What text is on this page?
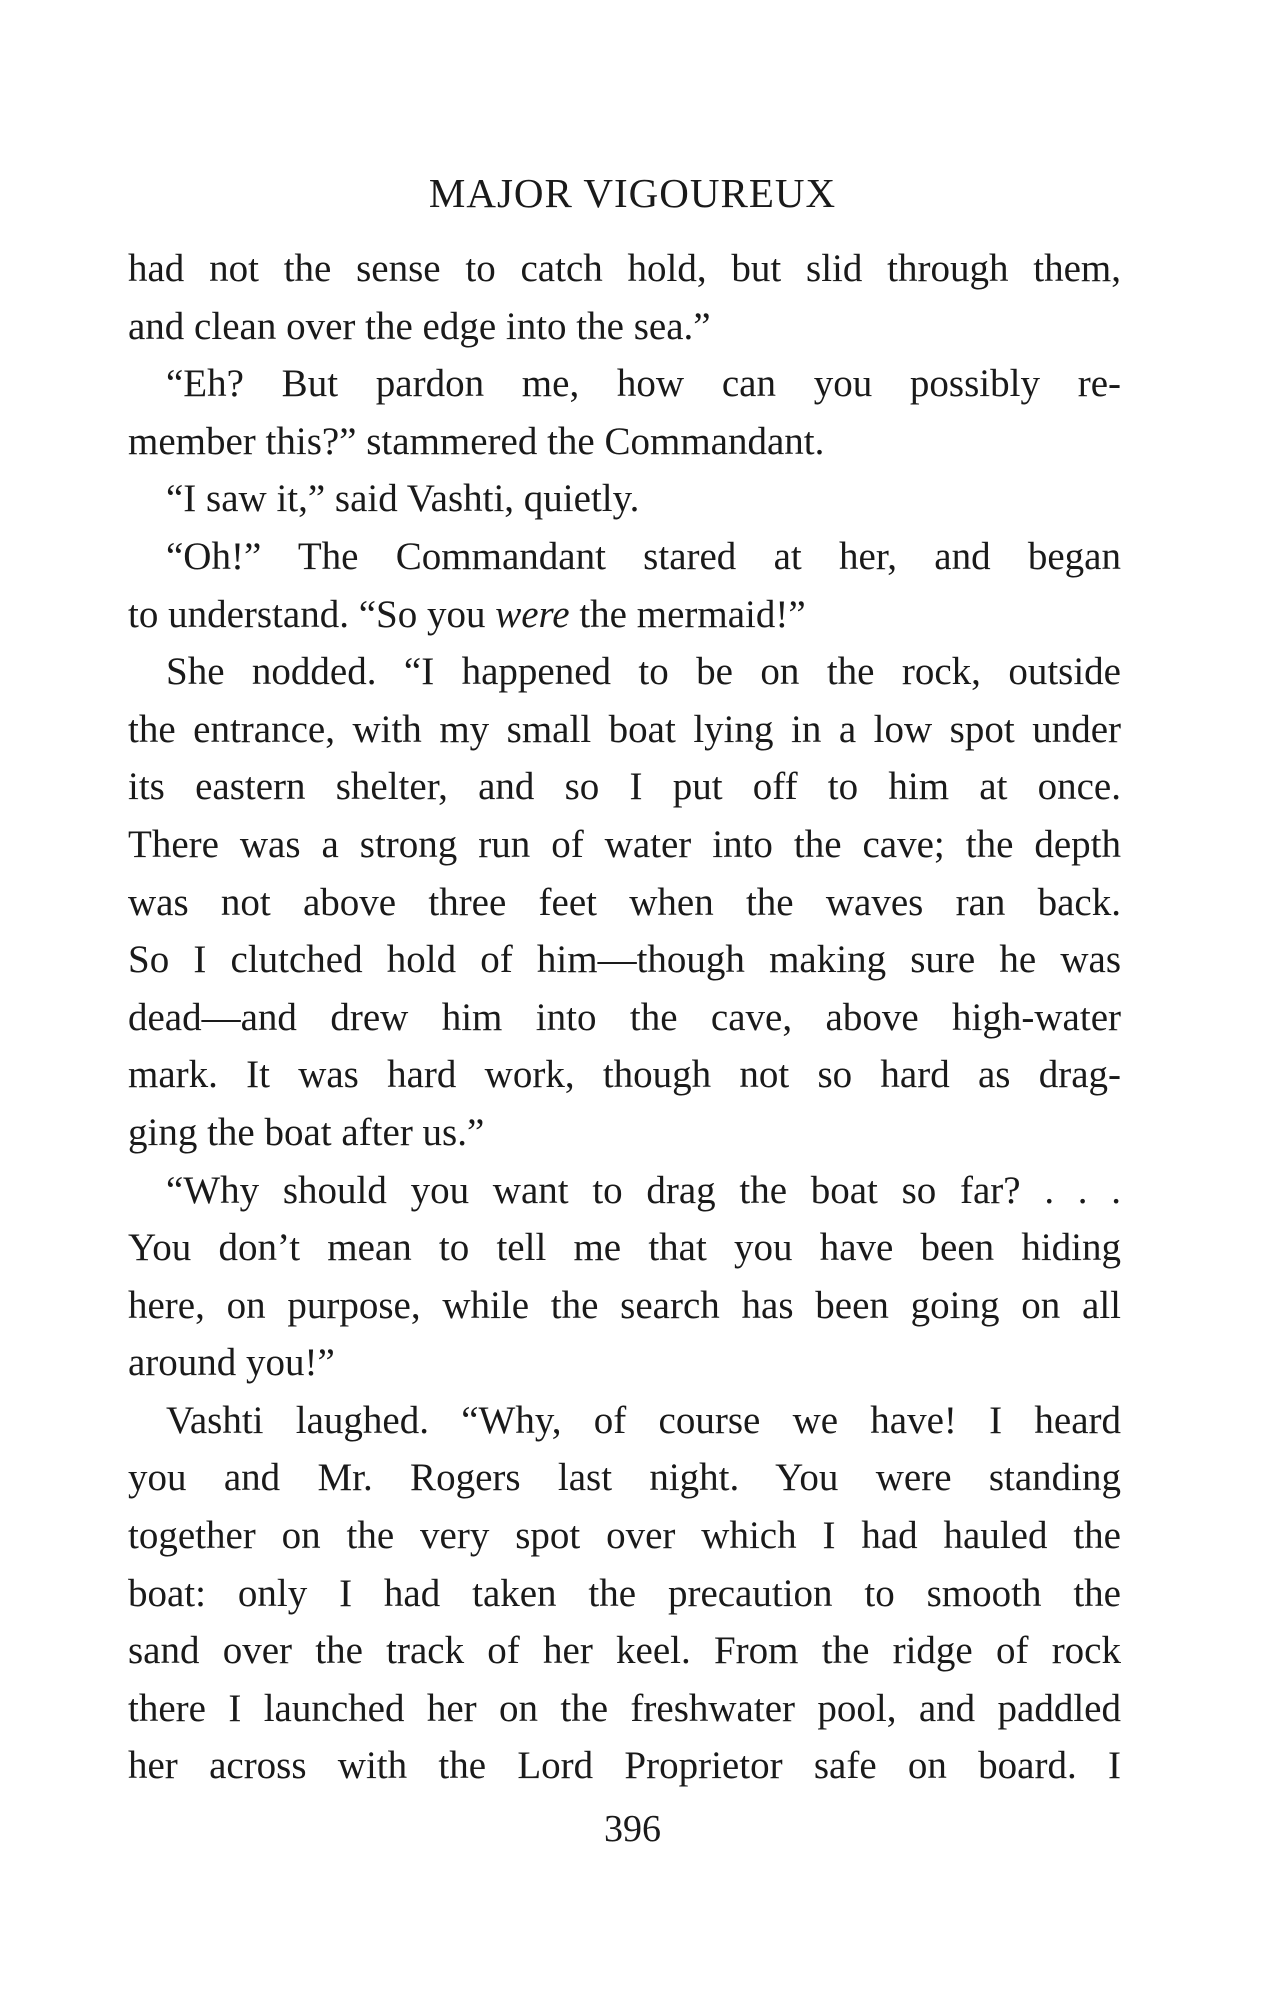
MAJOR VIGOUREUX
had not the sense to catch hold, but slid through them,
and clean over the edge into the sea.”
“Eh? But pardon me, how can you possibly re-
member this?” stammered the Commandant.
“I saw it,” said Vashti, quietly.
“Oh!” The Commandant stared at her, and began
to understand. “So you were the mermaid!”
She nodded. “I happened to be on the rock, outside
the entrance, with my small boat lying in a low spot under
its eastern shelter, and so I put off to him at once.
There was a strong run of water into the cave; the depth
was not above three feet when the waves ran back.
So I clutched hold of him—though making sure he was
dead—and drew him into the cave, above high-water
mark. It was hard work, though not so hard as drag-
ging the boat after us.”
“Why should you want to drag the boat so far? . . .
You don’t mean to tell me that you have been hiding
here, on purpose, while the search has been going on all
around you!”
Vashti laughed. “Why, of course we have! I heard
you and Mr. Rogers last night. You were standing
together on the very spot over which I had hauled the
boat: only I had taken the precaution to smooth the
sand over the track of her keel. From the ridge of rock
there I launched her on the freshwater pool, and paddled
her across with the Lord Proprietor safe on board. I
396
